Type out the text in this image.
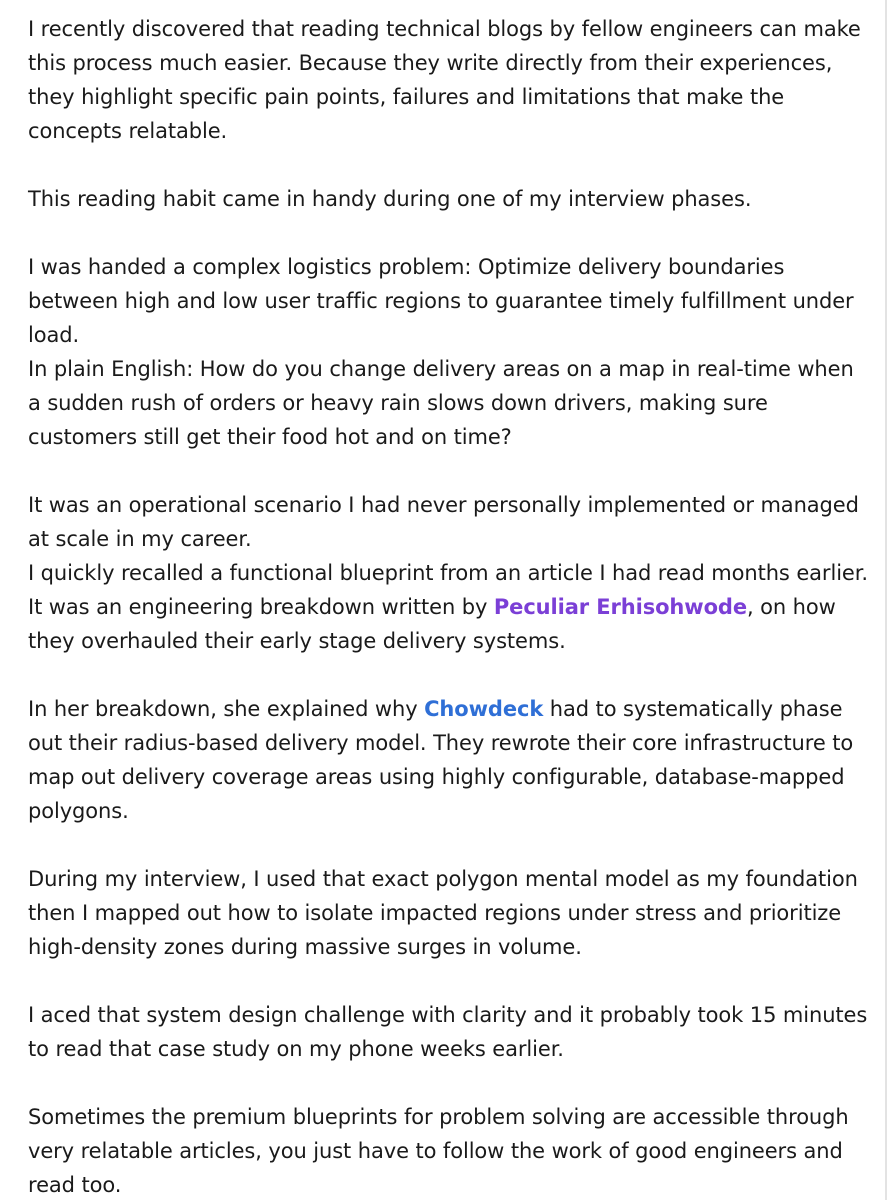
I recently discovered that reading technical blogs by fellow engineers can make this process much easier. Because they write directly from their experiences, they highlight specific pain points, failures and limitations that make the concepts relatable.

This reading habit came in handy during one of my interview phases.

I was handed a complex logistics problem: Optimize delivery boundaries between high and low user traffic regions to guarantee timely fulfillment under load.
In plain English: How do you change delivery areas on a map in real-time when a sudden rush of orders or heavy rain slows down drivers, making sure customers still get their food hot and on time?

It was an operational scenario I had never personally implemented or managed at scale in my career.
I quickly recalled a functional blueprint from an article I had read months earlier. It was an engineering breakdown written by Peculiar Erhisohwode, on how they overhauled their early stage delivery systems.

In her breakdown, she explained why Chowdeck had to systematically phase out their radius-based delivery model. They rewrote their core infrastructure to map out delivery coverage areas using highly configurable, database-mapped polygons.

During my interview, I used that exact polygon mental model as my foundation then I mapped out how to isolate impacted regions under stress and prioritize high-density zones during massive surges in volume.

I aced that system design challenge with clarity and it probably took 15 minutes to read that case study on my phone weeks earlier.

Sometimes the premium blueprints for problem solving are accessible through very relatable articles, you just have to follow the work of good engineers and read too.
